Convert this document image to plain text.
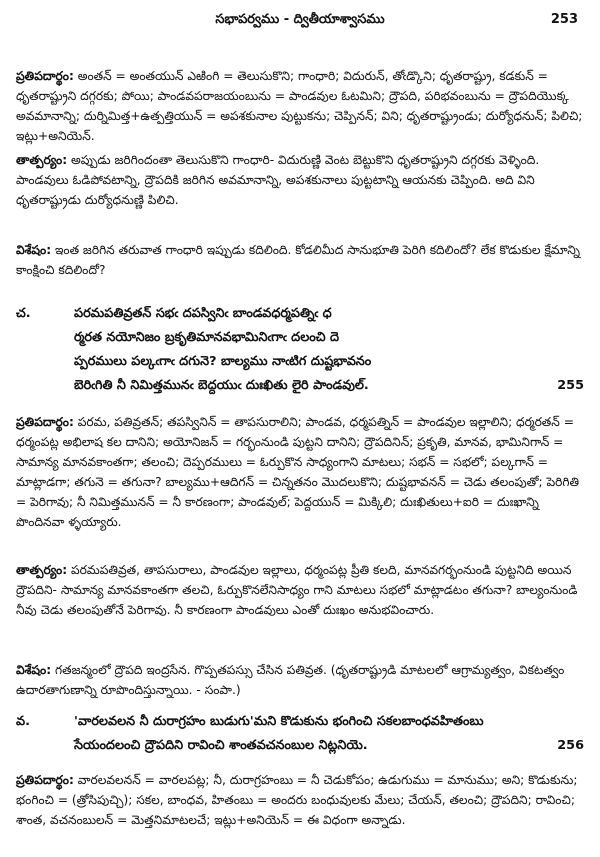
సభాపర్వము - ద్వితీయాశ్వాసము	253
ప్రతిపదార్థం: అంతన్ = అంతయున్ ఎఱింగి = తెలుసుకొని; గాంధారి; విదురున్, తోఁడ్కొని; ధృతరాష్ట్రు, కడకున్ = ధృతరాష్ట్రుని దగ్గరకు; పోయి; పాండవపరాజయంబును = పాండవుల ఓటమిని; ద్రౌపది, పరిభవంబును = ద్రౌపదియొక్క అవమానాన్ని; దుర్నిమిత్త+ఉత్పత్తియున్ = అపశకునాల పుట్టుకను; చెప్పినన్; విని; ధృతరాష్ట్రుండు; దుర్యోధనున్; పిలిచి; ఇట్లు+అనియెన్.
తాత్పర్యం: అప్పుడు జరిగిందంతా తెలుసుకొని గాంధారి- విదురుణ్ణి వెంట బెట్టుకొని ధృతరాష్ట్రుని దగ్గరకు వెళ్ళింది. పాండవులు ఓడిపోవటాన్ని, ద్రౌపదికి జరిగిన అవమానాన్ని, అపశకునాలు పుట్టటాన్ని ఆయనకు చెప్పింది. అది విని ధృతరాష్ట్రుడు దుర్యోధనుణ్ణి పిలిచి.
విశేషం: ఇంత జరిగిన తరువాత గాంధారి ఇప్పుడు కదిలింది. కోడలిమీద సానుభూతి పెరిగి కదిలిందో? లేక కొడుకుల క్షేమాన్ని కాంక్షించి కదిలిందో?
చ.	పరమపతివ్రతన్ సభఁ దపస్వినిఁ బాండవధర్మపత్నిఁ ధ
ర్మరత నయోనిజం బ్రకృతిమానవభామినిఁగాఁ దలంచి దె
ప్పరములు పల్కఁగాఁ దగునె? బాల్యము నాఁటిగ దుష్టభావనం
బెరిఁగితి నీ నిమిత్తమునఁ బెద్దయుఁ దుఃఖితు లైరి పాండవుల్.	255
ప్రతిపదార్థం: పరమ, పతివ్రతన్; తపస్వినిన్ = తాపసురాలిని; పాండవ, ధర్మపత్నిన్ = పాండవుల ఇల్లాలిని; ధర్మరతన్ = ధర్మంపట్ల అభిలాష కల దానిని; అయోనిజన్ = గర్భంనుండి పుట్టని దానిని; ద్రౌపదినిన్; ప్రకృతి, మానవ, భామినిగాన్ = సామాన్య మానవకాంతగా; తలంచి; దెప్పరములు = ఓర్పుకొన సాధ్యంగాని మాటలు; సభన్ = సభలో; పల్కగాన్ = మాట్లాడగా; తగునె = తగునా? బాల్యము+ఆదిగన్ = చిన్నతనం మొదలుకొని; దుష్టభావనన్ = చెడు తలంపుతో; పెరిగితి = పెరిగావు; నీ నిమిత్తమునన్ = నీ కారణంగా; పాండవుల్; పెద్దయున్ = మిక్కిలి; దుఃఖితులు+ఐరి = దుఃఖాన్ని పొందినవా ళ్ళయ్యారు.
తాత్పర్యం: పరమపతివ్రత, తాపసురాలు, పాండవుల ఇల్లాలు, ధర్మంపట్ల ప్రీతి కలది, మానవగర్భంనుండి పుట్టనిది అయిన ద్రౌపదిని- సామాన్య మానవకాంతగా తలచి, ఓర్పుకొనలేనిసాధ్యం గాని మాటలు సభలో మాట్లాడటం తగునా? బాల్యంనుండి నీవు చెడు తలంపుతోనే పెరిగావు. నీ కారణంగా పాండవులు ఎంతో దుఃఖం అనుభవించారు.
విశేషం: గతజన్మంలో ద్రౌపది ఇంద్రసేన. గొప్పతపస్సు చేసిన పతివ్రత. (ధృతరాష్ట్రుడి మాటలలో ఆగ్రామ్యత్వం, వికటత్వం ఉదారతాగుణాన్ని రూపొందిస్తున్నాయి. - సంపా.)
వ.	'వారలవలన నీ దురాగ్రహం బుడుగు'మని కొడుకును భంగించి సకలబాంధవహితంబు సేయందలంచి ద్రౌపదిని రావించి శాంతవచనంబుల నిట్లనియె.	256
ప్రతిపదార్థం: వారలవలనన్ = వారలపట్ల; నీ, దురాగ్రహంబు = నీ చెడుకోపం; ఉడుగుము = మానుము; అని; కొడుకును; భంగించి = (త్రోసిపుచ్చి); సకల, బాంధవ, హితంబు = అందరు బంధువులకు మేలు; చేయన్, తలంచి; ద్రౌపదిని; రావించి; శాంత, వచనంబులన్ = మెత్తనిమాటలచే; ఇట్లు+అనియెన్ = ఈ విధంగా అన్నాడు.
